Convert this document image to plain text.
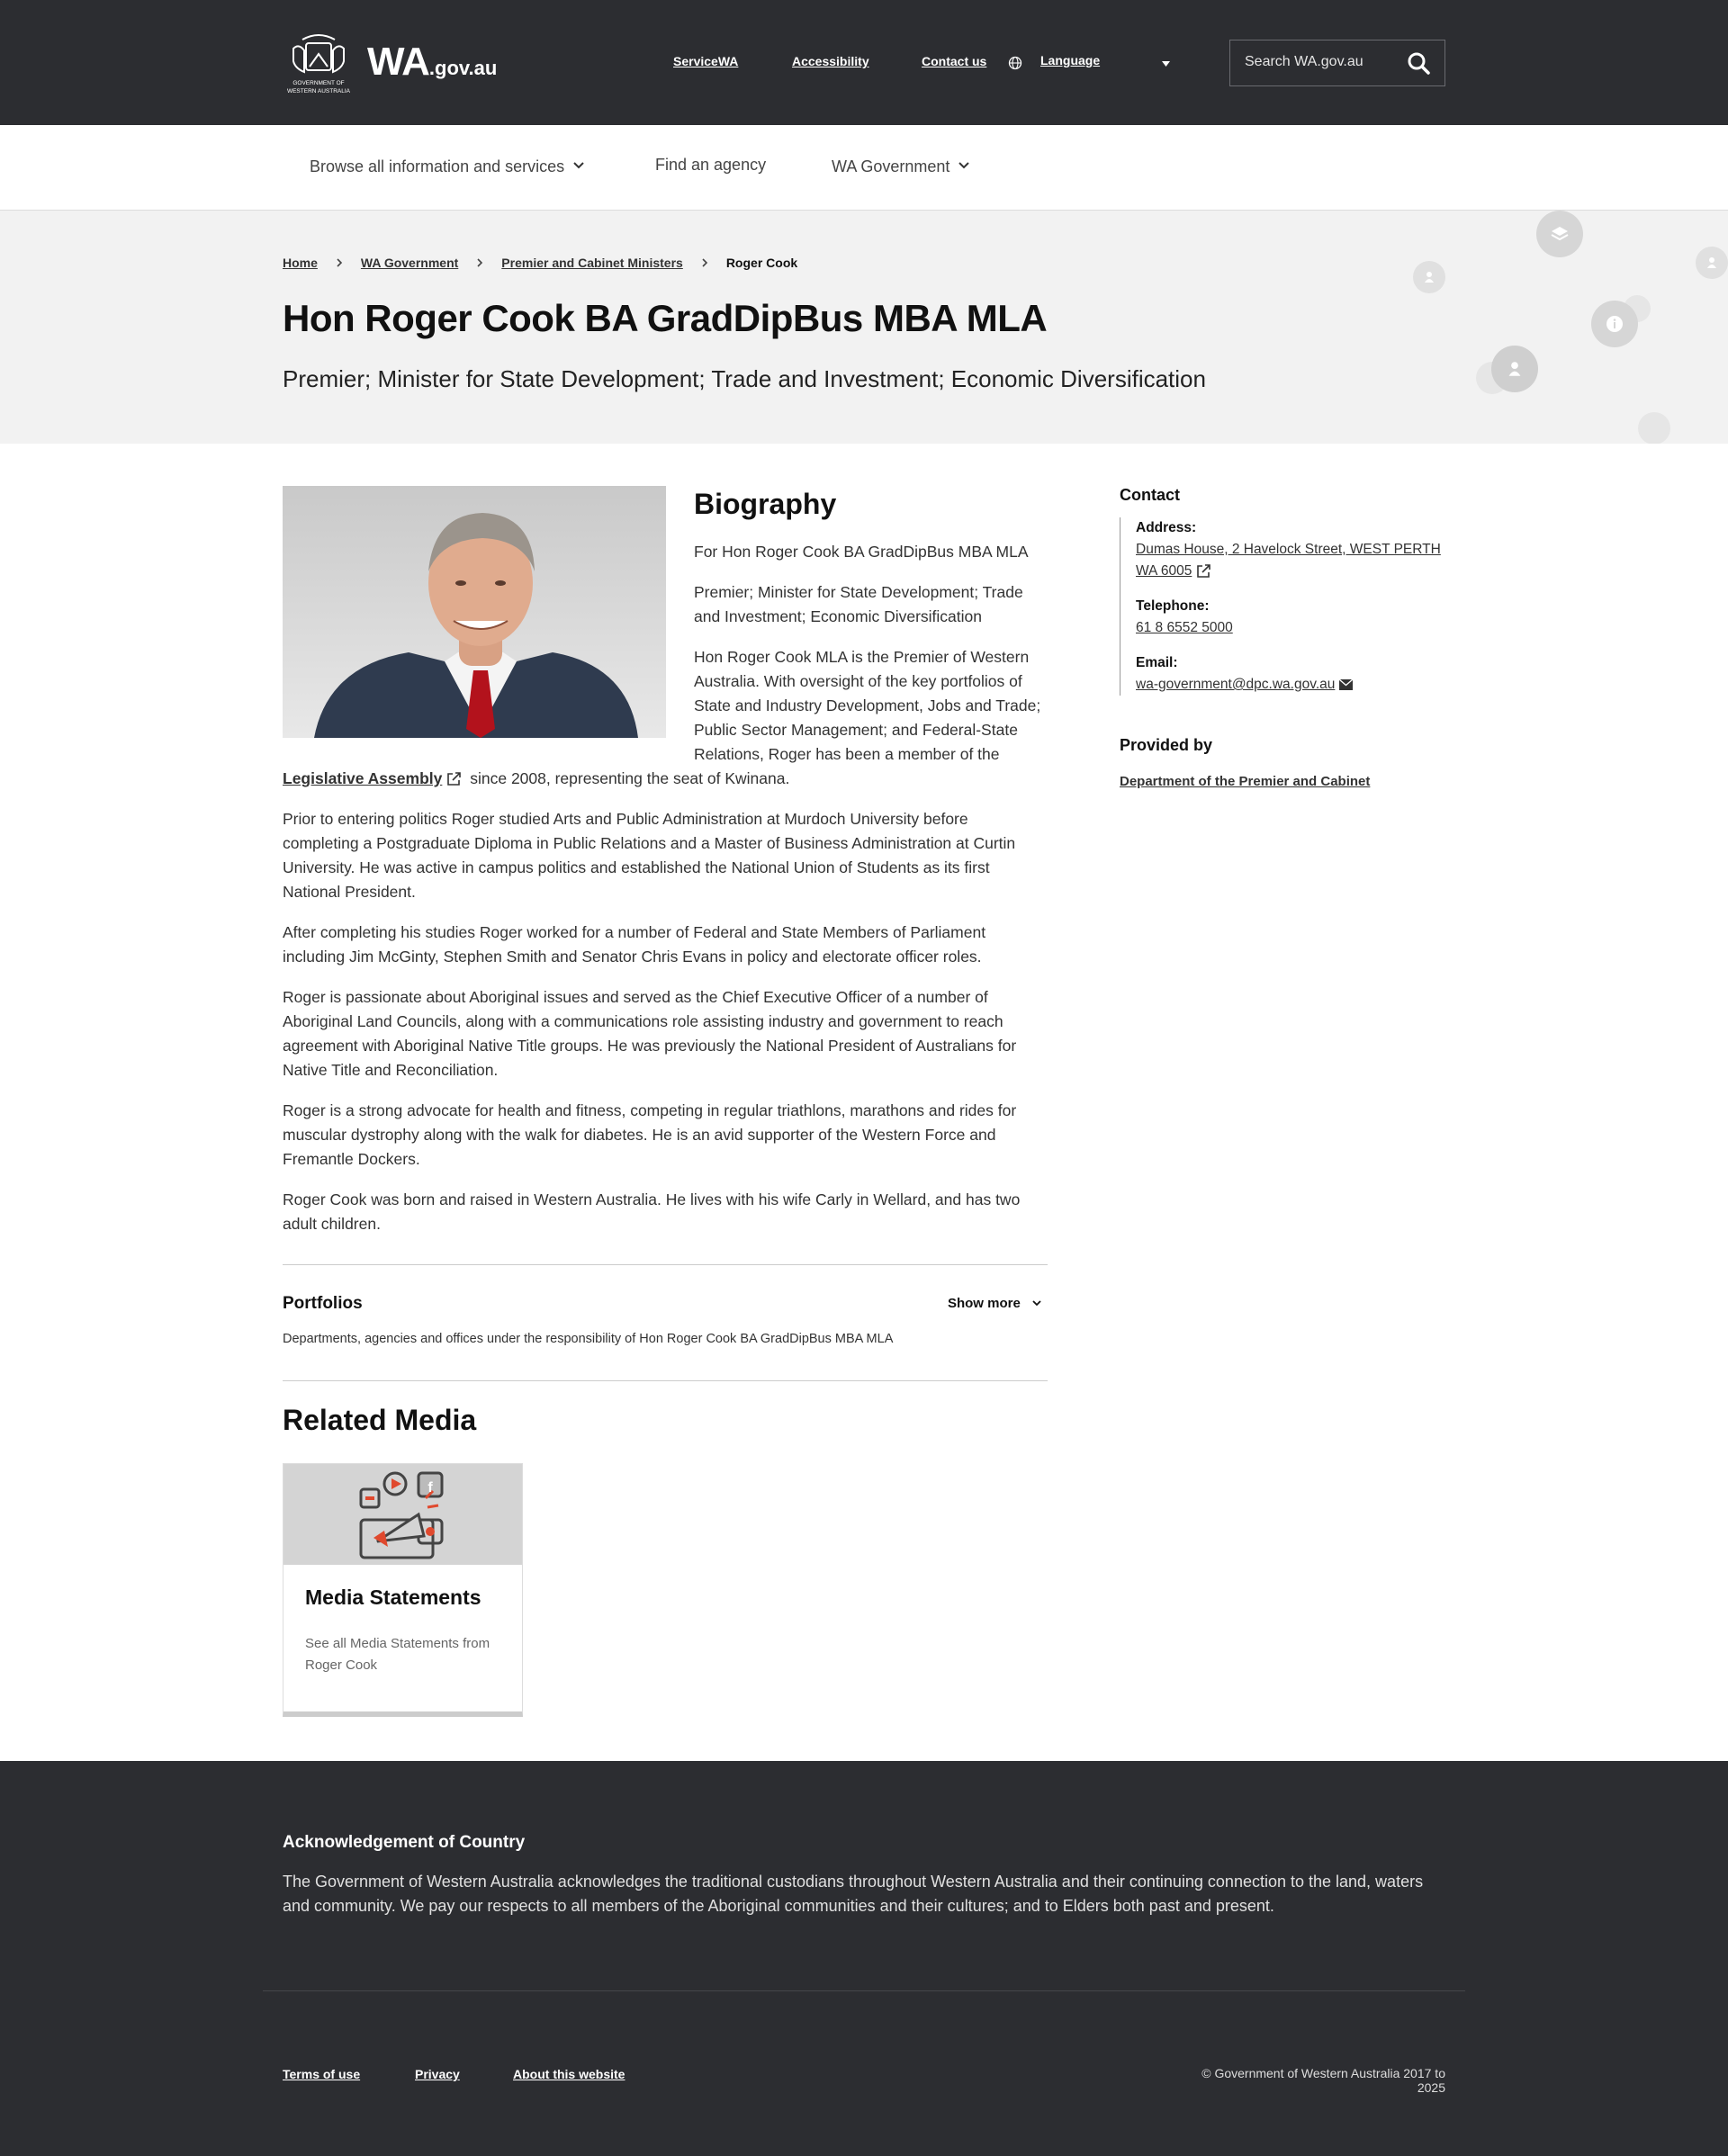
GOVERNMENT OF
WESTERN AUSTRALIA
WA.gov.au	ServiceWA	Accessibility	Contact us	Language	Search WA.gov.au
Browse all information and services	Find an agency	WA Government
Home	WA Government	Premier and Cabinet Ministers	Roger Cook
Hon Roger Cook BA GradDipBus MBA MLA

Premier; Minister for State Development; Trade and Investment; Economic Diversification

Biography

For Hon Roger Cook BA GradDipBus MBA MLA

Premier; Minister for State Development; Trade and Investment; Economic Diversification

Hon Roger Cook MLA is the Premier of Western Australia. With oversight of the key portfolios of State and Industry Development, Jobs and Trade; Public Sector Management; and Federal-State Relations, Roger has been a member of the Legislative Assembly since 2008, representing the seat of Kwinana.

Prior to entering politics Roger studied Arts and Public Administration at Murdoch University before completing a Postgraduate Diploma in Public Relations and a Master of Business Administration at Curtin University. He was active in campus politics and established the National Union of Students as its first National President.

After completing his studies Roger worked for a number of Federal and State Members of Parliament including Jim McGinty, Stephen Smith and Senator Chris Evans in policy and electorate officer roles.

Roger is passionate about Aboriginal issues and served as the Chief Executive Officer of a number of Aboriginal Land Councils, along with a communications role assisting industry and government to reach agreement with Aboriginal Native Title groups. He was previously the National President of Australians for Native Title and Reconciliation.

Roger is a strong advocate for health and fitness, competing in regular triathlons, marathons and rides for muscular dystrophy along with the walk for diabetes. He is an avid supporter of the Western Force and Fremantle Dockers.

Roger Cook was born and raised in Western Australia. He lives with his wife Carly in Wellard, and has two adult children.

Portfolios	Show more

Departments, agencies and offices under the responsibility of Hon Roger Cook BA GradDipBus MBA MLA

Related Media
f
Media Statements

See all Media Statements from Roger Cook

Contact
Address:
Dumas House, 2 Havelock Street, WEST PERTH WA 6005
Telephone:
61 8 6552 5000
Email:
wa-government@dpc.wa.gov.au
Provided by
Department of the Premier and Cabinet
Acknowledgement of Country

The Government of Western Australia acknowledges the traditional custodians throughout Western Australia and their continuing connection to the land, waters and community. We pay our respects to all members of the Aboriginal communities and their cultures; and to Elders both past and present.

Terms of use	Privacy	About this website	© Government of Western Australia 2017 to 2025
